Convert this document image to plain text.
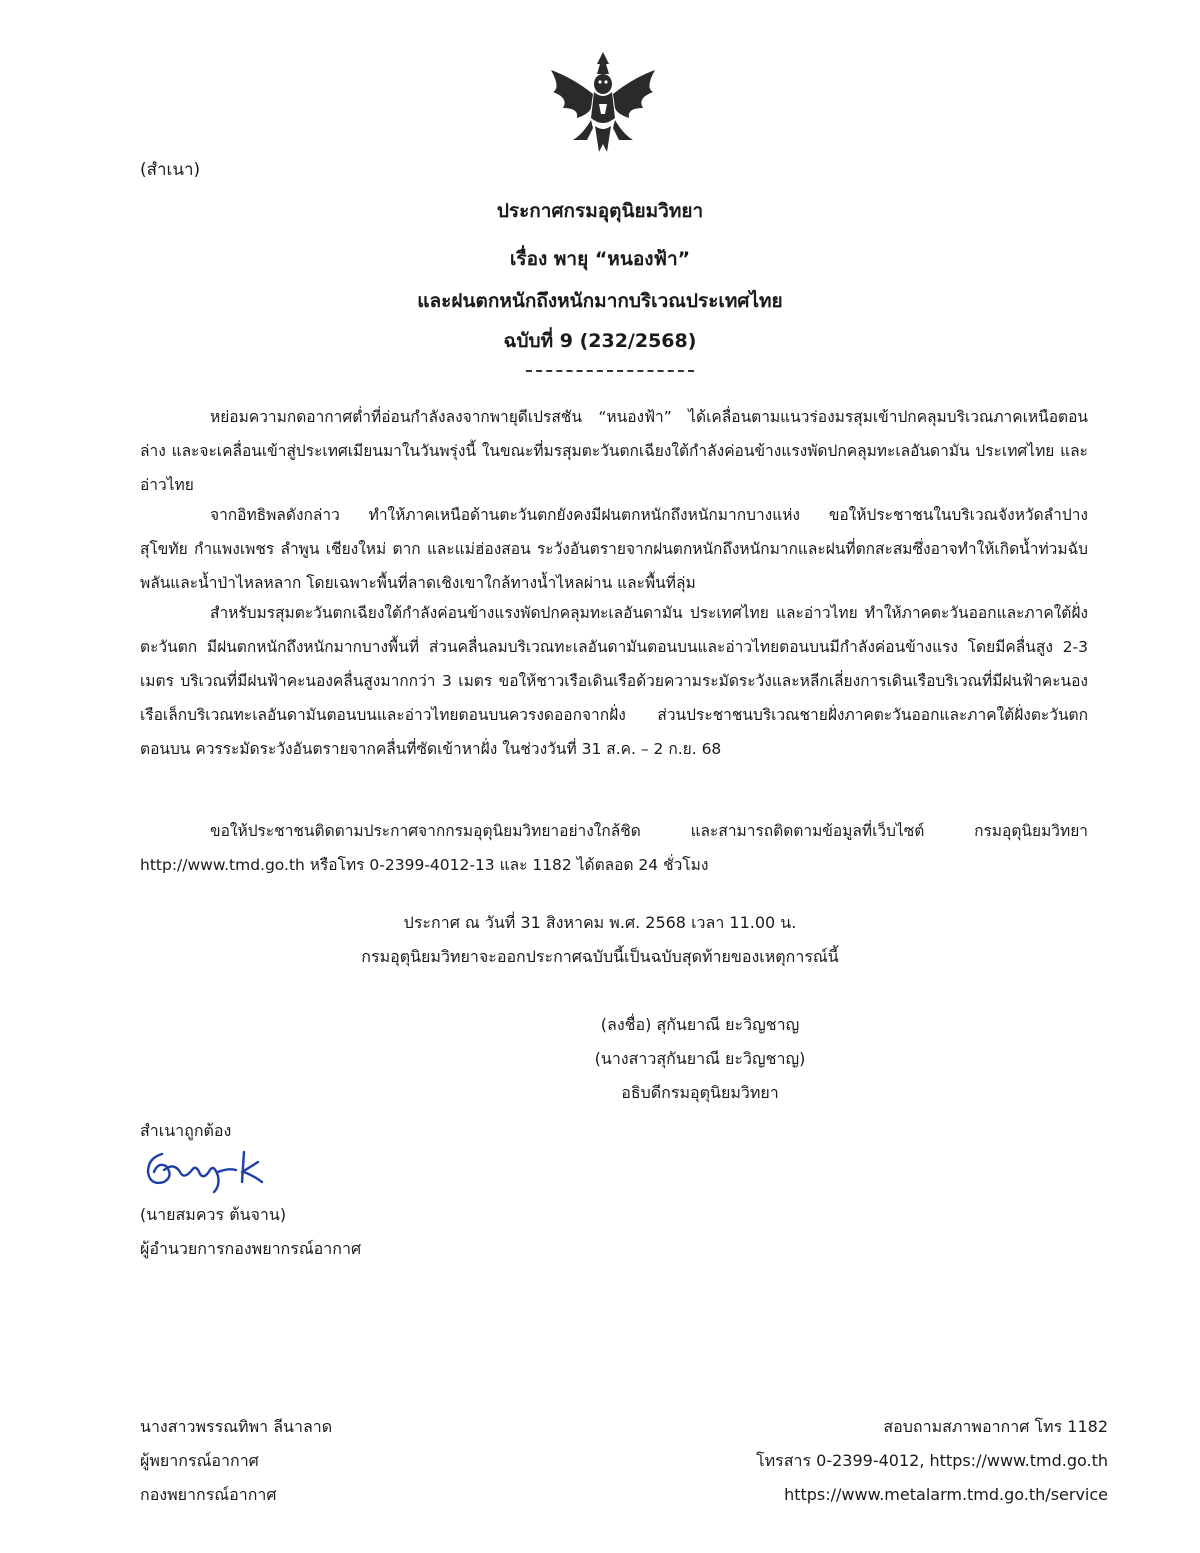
(สำเนา)
ประกาศกรมอุตุนิยมวิทยา
เรื่อง พายุ “หนองฟ้า”
และฝนตกหนักถึงหนักมากบริเวณประเทศไทย
ฉบับที่ 9 (232/2568)
หย่อมความกดอากาศต่ำที่อ่อนกำลังลงจากพายุดีเปรสชัน “หนองฟ้า” ได้เคลื่อนตามแนวร่องมรสุมเข้าปกคลุมบริเวณภาคเหนือตอนล่าง และจะเคลื่อนเข้าสู่ประเทศเมียนมาในวันพรุ่งนี้ ในขณะที่มรสุมตะวันตกเฉียงใต้กำลังค่อนข้างแรงพัดปกคลุมทะเลอันดามัน ประเทศไทย และอ่าวไทย
จากอิทธิพลดังกล่าว ทำให้ภาคเหนือด้านตะวันตกยังคงมีฝนตกหนักถึงหนักมากบางแห่ง ขอให้ประชาชนในบริเวณจังหวัดลำปาง สุโขทัย กำแพงเพชร ลำพูน เชียงใหม่ ตาก และแม่ฮ่องสอน ระวังอันตรายจากฝนตกหนักถึงหนักมากและฝนที่ตกสะสมซึ่งอาจทำให้เกิดน้ำท่วมฉับพลันและน้ำป่าไหลหลาก โดยเฉพาะพื้นที่ลาดเชิงเขาใกล้ทางน้ำไหลผ่าน และพื้นที่ลุ่ม
สำหรับมรสุมตะวันตกเฉียงใต้กำลังค่อนข้างแรงพัดปกคลุมทะเลอันดามัน ประเทศไทย และอ่าวไทย ทำให้ภาคตะวันออกและภาคใต้ฝั่งตะวันตก มีฝนตกหนักถึงหนักมากบางพื้นที่ ส่วนคลื่นลมบริเวณทะเลอันดามันตอนบนและอ่าวไทยตอนบนมีกำลังค่อนข้างแรง โดยมีคลื่นสูง 2-3 เมตร บริเวณที่มีฝนฟ้าคะนองคลื่นสูงมากกว่า 3 เมตร ขอให้ชาวเรือเดินเรือด้วยความระมัดระวังและหลีกเลี่ยงการเดินเรือบริเวณที่มีฝนฟ้าคะนอง เรือเล็กบริเวณทะเลอันดามันตอนบนและอ่าวไทยตอนบนควรงดออกจากฝั่ง ส่วนประชาชนบริเวณชายฝั่งภาคตะวันออกและภาคใต้ฝั่งตะวันตกตอนบน ควรระมัดระวังอันตรายจากคลื่นที่ซัดเข้าหาฝั่ง ในช่วงวันที่ 31 ส.ค. – 2 ก.ย. 68
ขอให้ประชาชนติดตามประกาศจากกรมอุตุนิยมวิทยาอย่างใกล้ชิด และสามารถติดตามข้อมูลที่เว็บไซต์ กรมอุตุนิยมวิทยา http://www.tmd.go.th หรือโทร 0-2399-4012-13 และ 1182 ได้ตลอด 24 ชั่วโมง
ประกาศ ณ วันที่ 31 สิงหาคม พ.ศ. 2568 เวลา 11.00 น.
กรมอุตุนิยมวิทยาจะออกประกาศฉบับนี้เป็นฉบับสุดท้ายของเหตุการณ์นี้
(ลงชื่อ) สุกันยาณี ยะวิญชาญ
(นางสาวสุกันยาณี ยะวิญชาญ)
อธิบดีกรมอุตุนิยมวิทยา
สำเนาถูกต้อง
(นายสมควร ต้นจาน)
ผู้อำนวยการกองพยากรณ์อากาศ
นางสาวพรรณทิพา ลีนาลาด
ผู้พยากรณ์อากาศ
กองพยากรณ์อากาศ
สอบถามสภาพอากาศ โทร 1182
โทรสาร 0-2399-4012, https://www.tmd.go.th
https://www.metalarm.tmd.go.th/service
